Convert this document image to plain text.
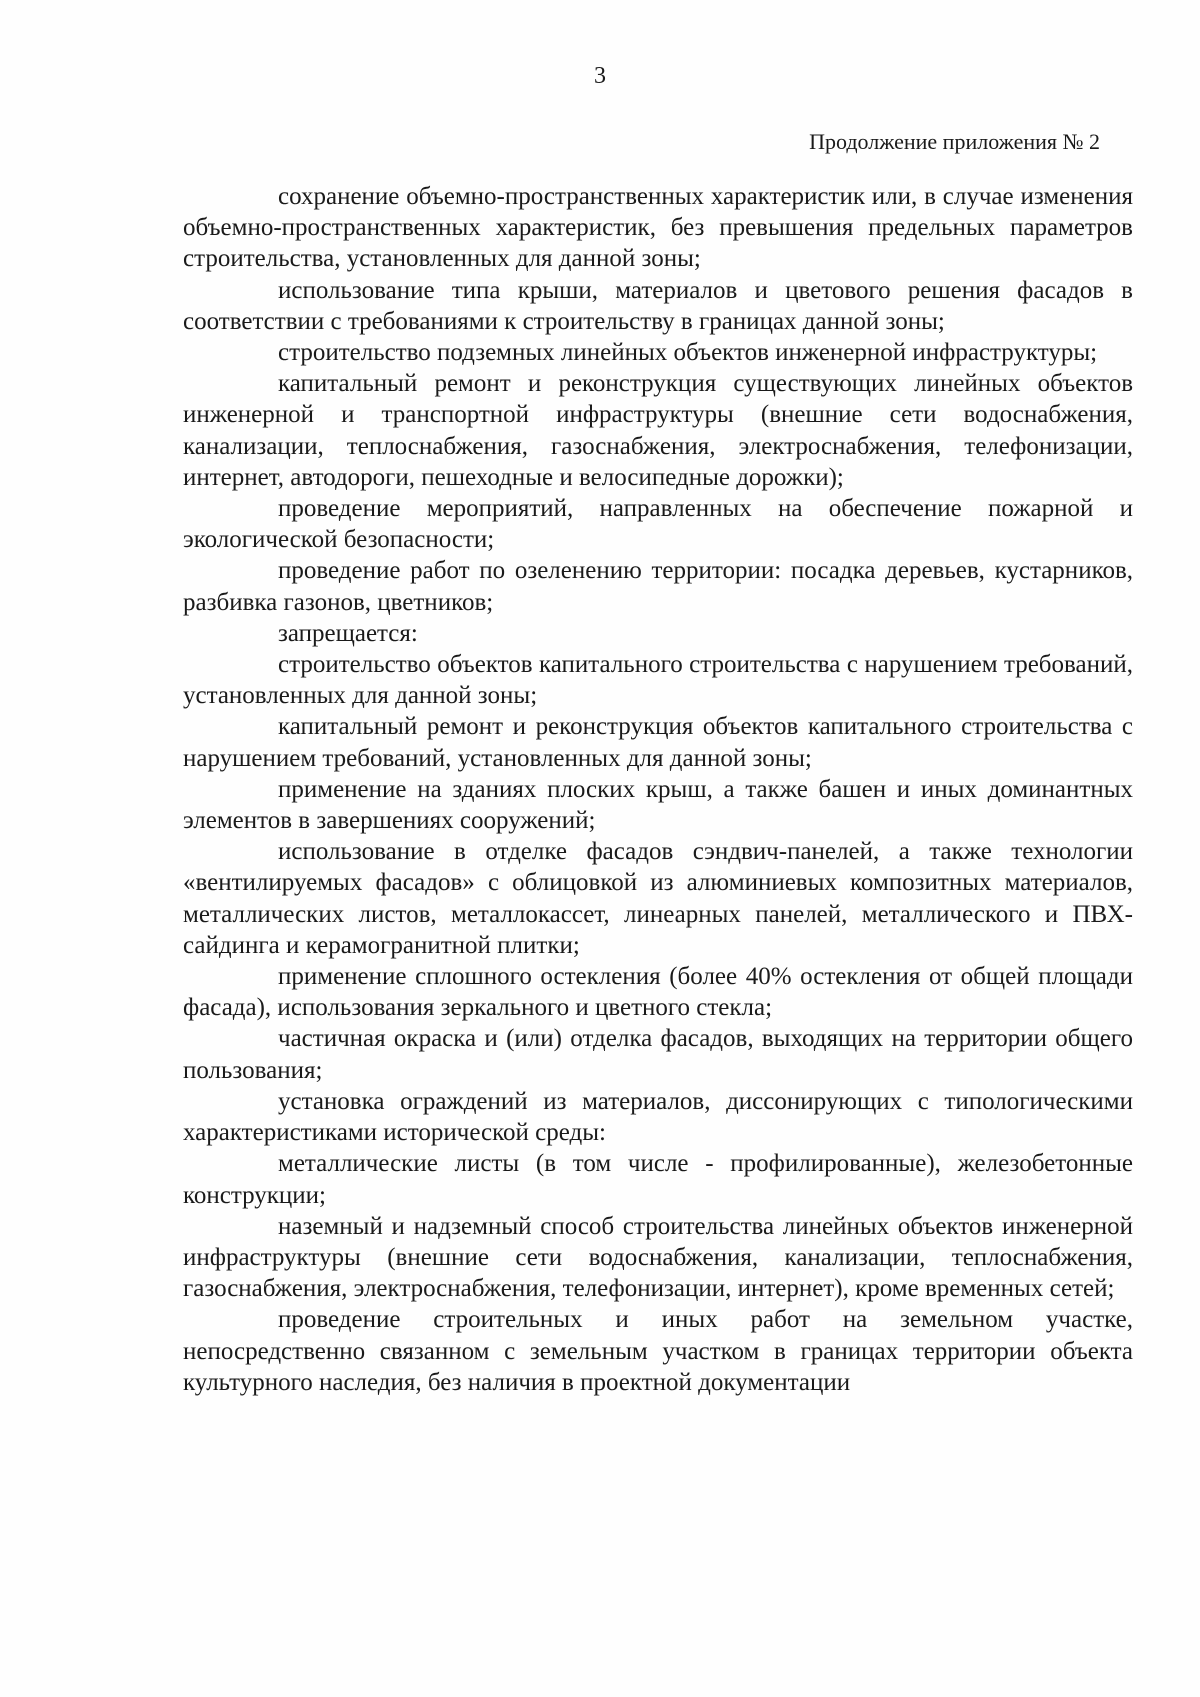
3
Продолжение приложения № 2

сохранение объемно-пространственных характеристик или, в случае изменения объемно-пространственных характеристик, без превышения предельных параметров строительства, установленных для данной зоны;

использование типа крыши, материалов и цветового решения фасадов в соответствии с требованиями к строительству в границах данной зоны;

строительство подземных линейных объектов инженерной инфраструктуры;

капитальный ремонт и реконструкция существующих линейных объектов инженерной и транспортной инфраструктуры (внешние сети водоснабжения, канализации, теплоснабжения, газоснабжения, электроснабжения, телефонизации, интернет, автодороги, пешеходные и велосипедные дорожки);

проведение мероприятий, направленных на обеспечение пожарной и экологической безопасности;

проведение работ по озеленению территории: посадка деревьев, кустарников, разбивка газонов, цветников;

запрещается:

строительство объектов капитального строительства с нарушением требований, установленных для данной зоны;

капитальный ремонт и реконструкция объектов капитального строительства с нарушением требований, установленных для данной зоны;

применение на зданиях плоских крыш, а также башен и иных доминантных элементов в завершениях сооружений;

использование в отделке фасадов сэндвич-панелей, а также технологии «вентилируемых фасадов» с облицовкой из алюминиевых композитных материалов, металлических листов, металлокассет, линеарных панелей, металлического и ПВХ-сайдинга и керамогранитной плитки;

применение сплошного остекления (более 40% остекления от общей площади фасада), использования зеркального и цветного стекла;

частичная окраска и (или) отделка фасадов, выходящих на территории общего пользования;

установка ограждений из материалов, диссонирующих с типологическими характеристиками исторической среды:

металлические листы (в том числе - профилированные), железобетонные конструкции;

наземный и надземный способ строительства линейных объектов инженерной инфраструктуры (внешние сети водоснабжения, канализации, теплоснабжения, газоснабжения, электроснабжения, телефонизации, интернет), кроме временных сетей;

проведение строительных и иных работ на земельном участке, непосредственно связанном с земельным участком в границах территории объекта культурного наследия, без наличия в проектной документации
